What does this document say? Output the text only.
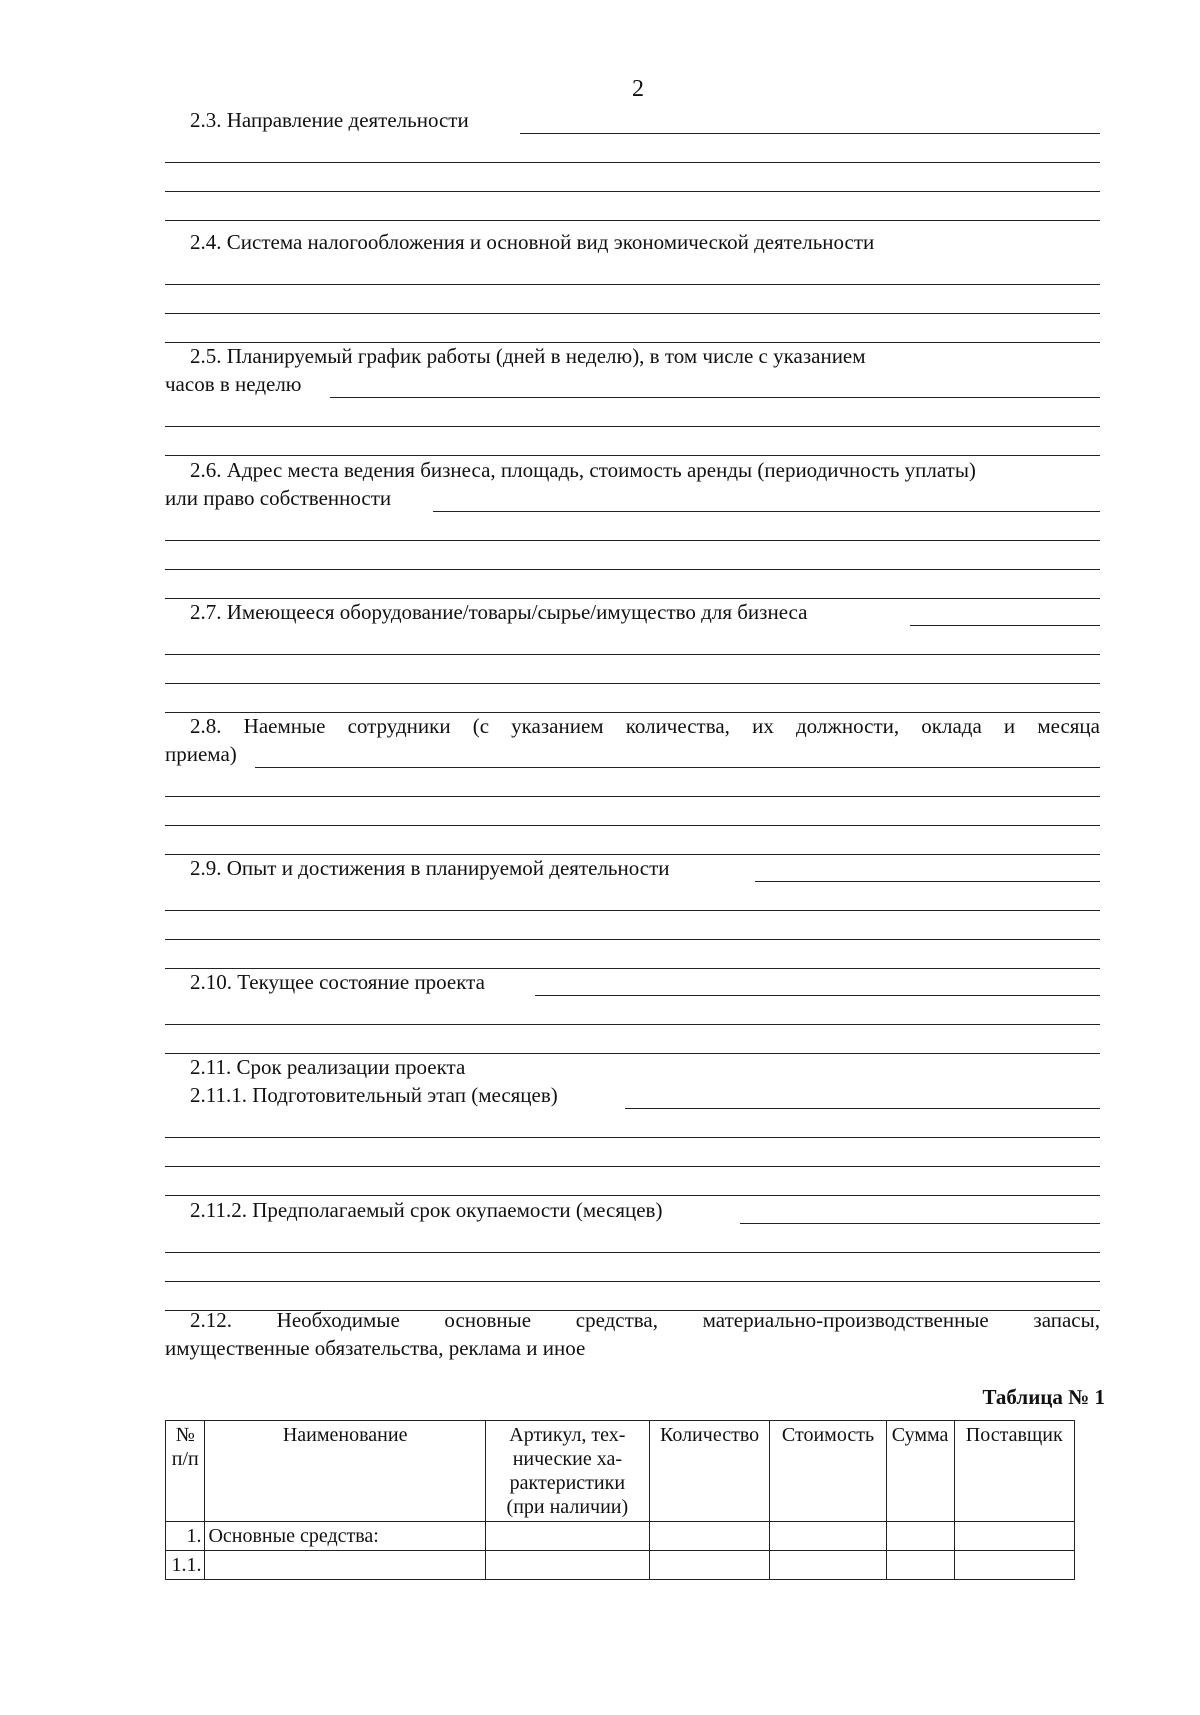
2
2.3. Направление деятельности
2.4. Система налогообложения и основной вид экономической деятельности
2.5. Планируемый график работы (дней в неделю), в том числе с указанием
часов в неделю
2.6. Адрес места ведения бизнеса, площадь, стоимость аренды (периодичность уплаты)
или право собственности
2.7. Имеющееся оборудование/товары/сырье/имущество для бизнеса
2.8. Наемные сотрудники (с указанием количества, их должности, оклада и месяца
приема)
2.9. Опыт и достижения в планируемой деятельности
2.10. Текущее состояние проекта
2.11. Срок реализации проекта
2.11.1. Подготовительный этап (месяцев)
2.11.2. Предполагаемый срок окупаемости (месяцев)
2.12. Необходимые основные средства, материально-производственные запасы,
имущественные обязательства, реклама и иное
Таблица № 1
№ п/п	Наименование	Артикул, тех-нические ха-рактеристики (при наличии)	Количество	Стоимость	Сумма	Поставщик
1.	Основные средства:					
1.1.						
